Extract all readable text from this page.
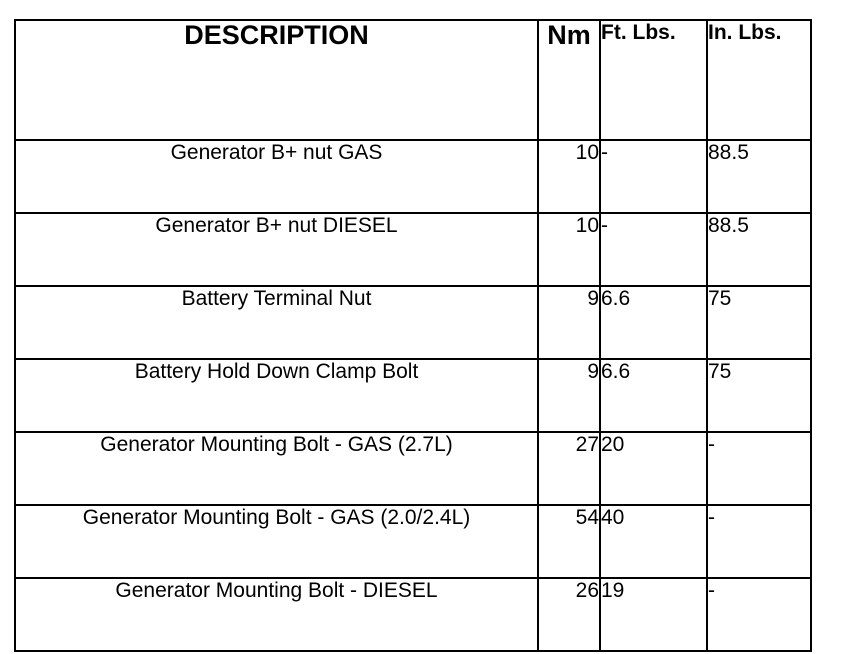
DESCRIPTION	Nm	Ft. Lbs.	In. Lbs.
Generator B+ nut GAS	10	-	88.5
Generator B+ nut DIESEL	10	-	88.5
Battery Terminal Nut	9	6.6	75
Battery Hold Down Clamp Bolt	9	6.6	75
Generator Mounting Bolt - GAS (2.7L)	27	20	-
Generator Mounting Bolt - GAS (2.0/2.4L)	54	40	-
Generator Mounting Bolt - DIESEL	26	19	-
